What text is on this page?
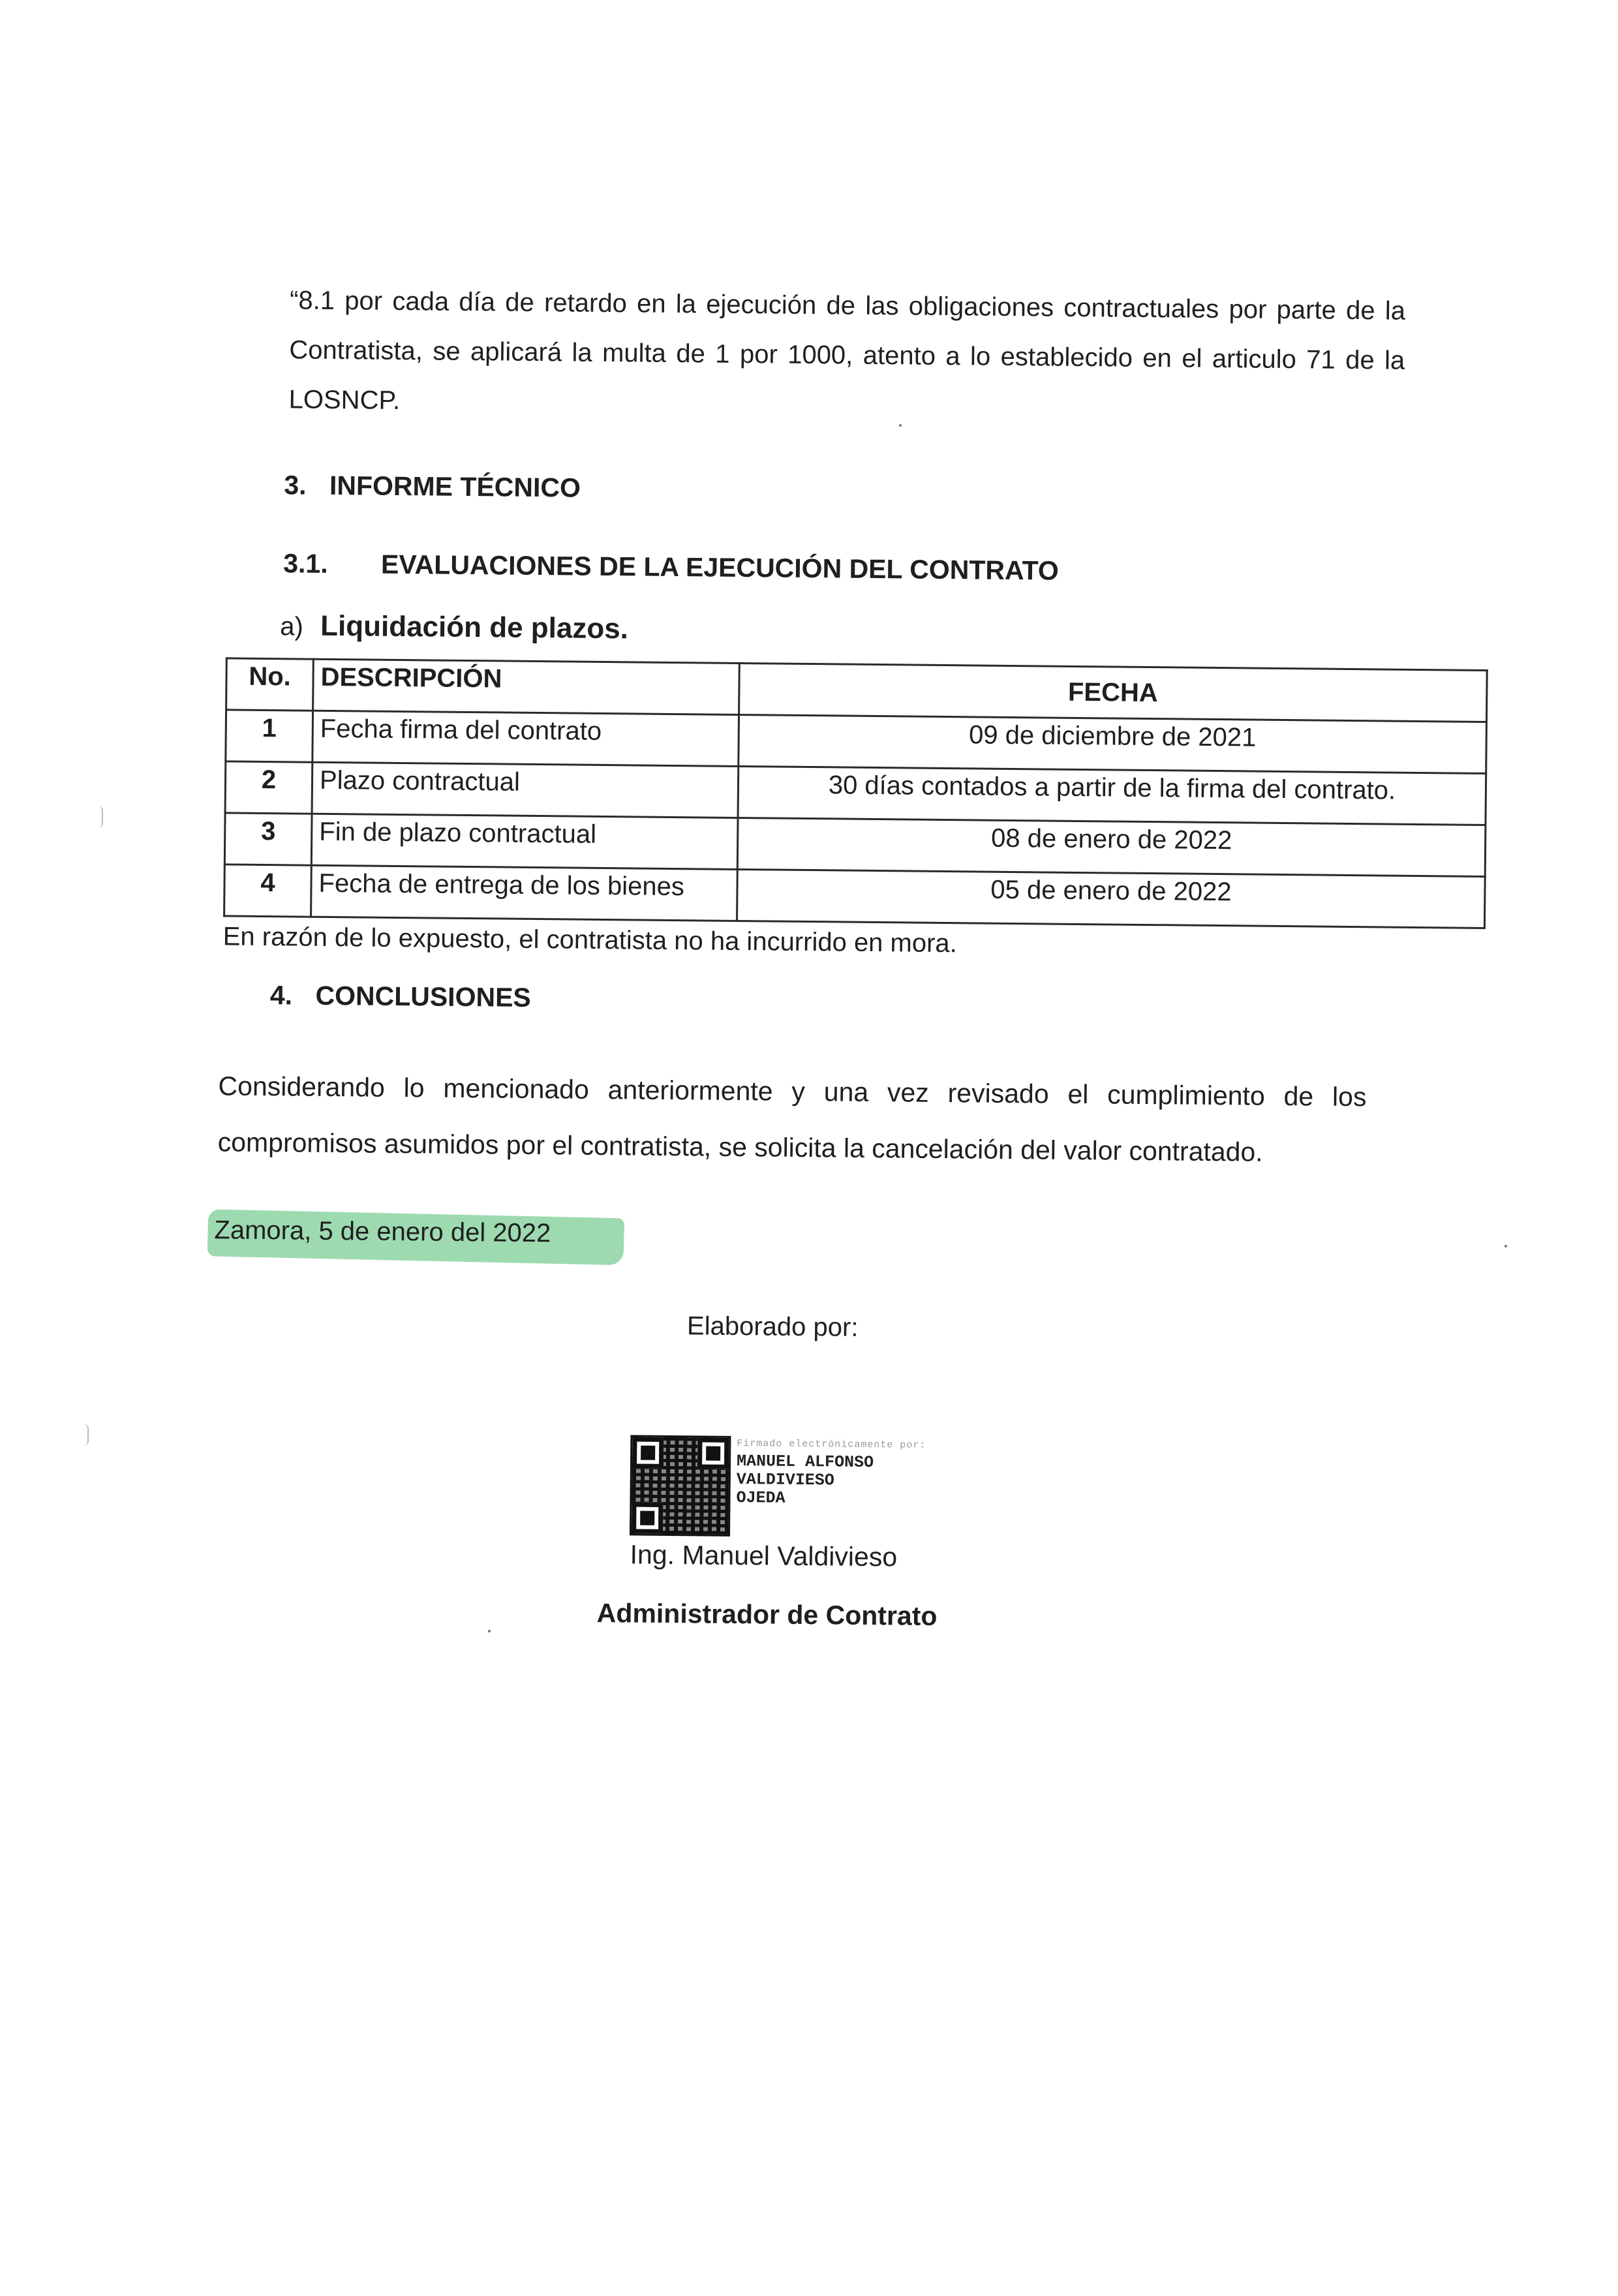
“8.1 por cada día de retardo en la ejecución de las obligaciones contractuales por parte de la Contratista, se aplicará la multa de 1 por 1000, atento a lo establecido en el articulo 71 de la LOSNCP.

3. INFORME TÉCNICO
3.1. EVALUACIONES DE LA EJECUCIÓN DEL CONTRATO
a) Liquidación de plazos.
No.	DESCRIPCIÓN	FECHA
1	Fecha firma del contrato	09 de diciembre de 2021
2	Plazo contractual	30 días contados a partir de la firma del contrato.
3	Fin de plazo contractual	08 de enero de 2022
4	Fecha de entrega de los bienes	05 de enero de 2022
En razón de lo expuesto, el contratista no ha incurrido en mora.
4. CONCLUSIONES

Considerando lo mencionado anteriormente y una vez revisado el cumplimiento de los compromisos asumidos por el contratista, se solicita la cancelación del valor contratado.

Zamora, 5 de enero del 2022
Elaborado por:
Firmado electrónicamente por:
MANUEL ALFONSO
VALDIVIESO
OJEDA
Ing. Manuel Valdivieso
Administrador de Contrato
